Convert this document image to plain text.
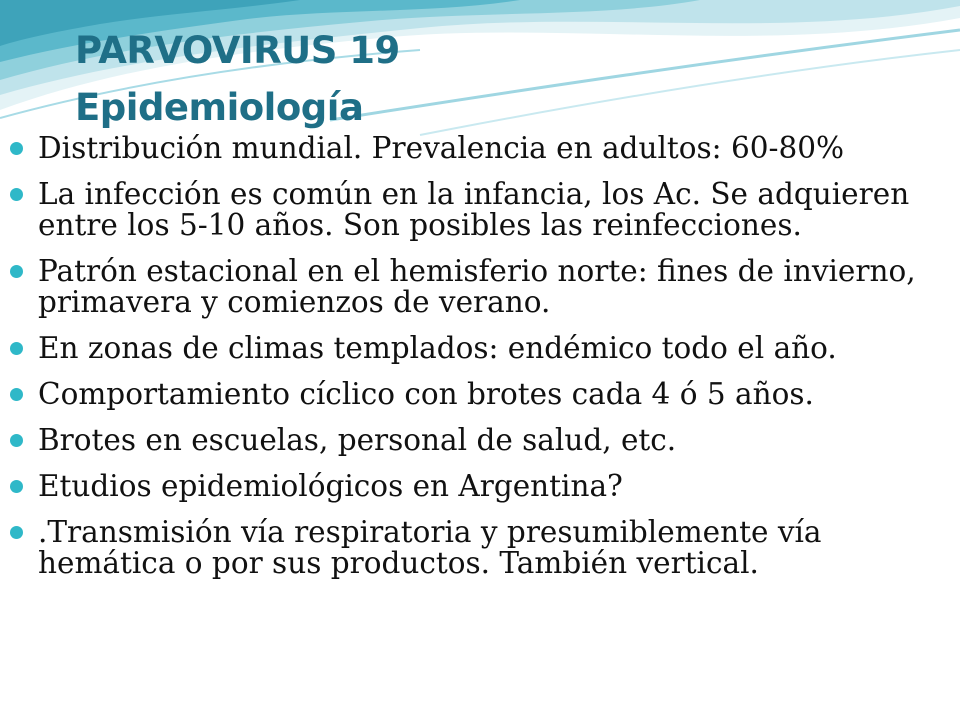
PARVOVIRUS 19
Epidemiología
Distribución mundial. Prevalencia en adultos: 60-80%
La infección es común en la infancia, los Ac. Se adquieren entre los 5-10 años. Son posibles las reinfecciones.
Patrón estacional en el hemisferio norte: fines de invierno, primavera y comienzos de verano.
En zonas de climas templados: endémico todo el año.
Comportamiento cíclico con brotes cada 4 ó 5 años.
Brotes en escuelas, personal de salud, etc.
Etudios epidemiológicos en Argentina?
.Transmisión vía respiratoria y presumiblemente vía hemática o por sus productos. También vertical.
